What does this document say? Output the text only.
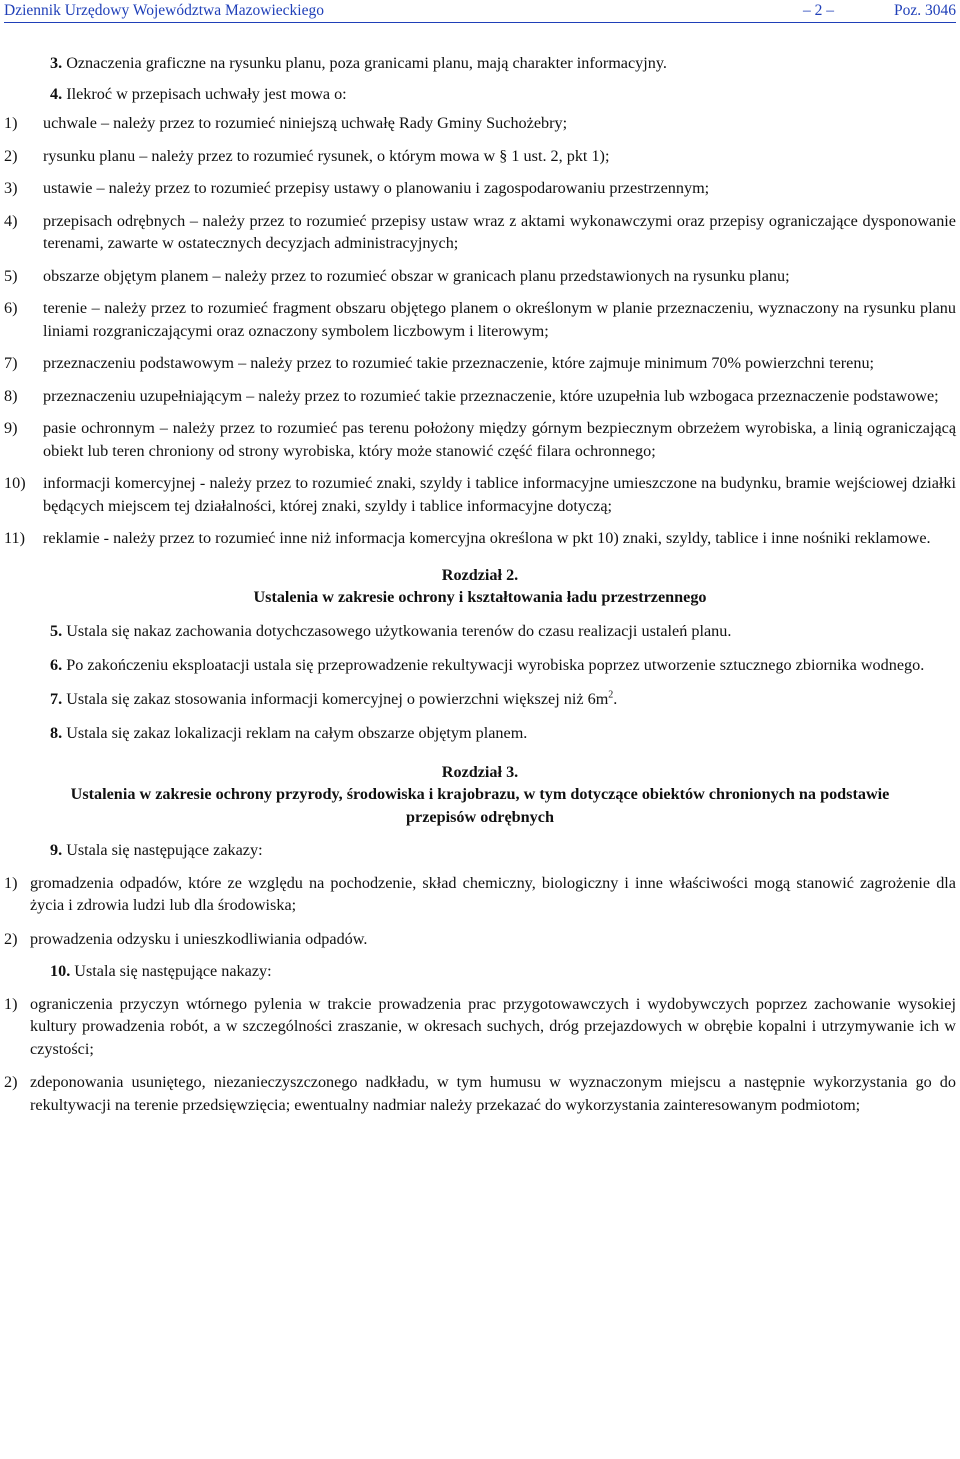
Dziennik Urzędowy Województwa Mazowieckiego	– 2 –	Poz. 3046

3. Oznaczenia graficzne na rysunku planu, poza granicami planu, mają charakter informacyjny.

4. Ilekroć w przepisach uchwały jest mowa o:

1)	uchwale – należy przez to rozumieć niniejszą uchwałę Rady Gminy Suchożebry;
2)	rysunku planu – należy przez to rozumieć rysunek, o którym mowa w § 1 ust. 2, pkt 1);
3)	ustawie – należy przez to rozumieć przepisy ustawy o planowaniu i zagospodarowaniu przestrzennym;
4)	przepisach odrębnych – należy przez to rozumieć przepisy ustaw wraz z aktami wykonawczymi oraz przepisy ograniczające dysponowanie terenami, zawarte w ostatecznych decyzjach administracyjnych;
5)	obszarze objętym planem – należy przez to rozumieć obszar w granicach planu przedstawionych na rysunku planu;
6)	terenie – należy przez to rozumieć fragment obszaru objętego planem o określonym w planie przeznaczeniu, wyznaczony na rysunku planu liniami rozgraniczającymi oraz oznaczony symbolem liczbowym i literowym;
7)	przeznaczeniu podstawowym – należy przez to rozumieć takie przeznaczenie, które zajmuje minimum 70% powierzchni terenu;
8)	przeznaczeniu uzupełniającym – należy przez to rozumieć takie przeznaczenie, które uzupełnia lub wzbogaca przeznaczenie podstawowe;
9)	pasie ochronnym – należy przez to rozumieć pas terenu położony między górnym bezpiecznym obrzeżem wyrobiska, a linią ograniczającą obiekt lub teren chroniony od strony wyrobiska, który może stanowić część filara ochronnego;
10)	informacji komercyjnej - należy przez to rozumieć znaki, szyldy i tablice informacyjne umieszczone na budynku, bramie wejściowej działki będących miejscem tej działalności, której znaki, szyldy i tablice informacyjne dotyczą;
11)	reklamie - należy przez to rozumieć inne niż informacja komercyjna określona w pkt 10) znaki, szyldy, tablice i inne nośniki reklamowe.
Rozdział 2.
Ustalenia w zakresie ochrony i kształtowania ładu przestrzennego

5. Ustala się nakaz zachowania dotychczasowego użytkowania terenów do czasu realizacji ustaleń planu.

6. Po zakończeniu eksploatacji ustala się przeprowadzenie rekultywacji wyrobiska poprzez utworzenie sztucznego zbiornika wodnego.

7. Ustala się zakaz stosowania informacji komercyjnej o powierzchni większej niż $6m^2$.

8. Ustala się zakaz lokalizacji reklam na całym obszarze objętym planem.

Rozdział 3.
Ustalenia w zakresie ochrony przyrody, środowiska i krajobrazu, w tym dotyczące obiektów chronionych na podstawie przepisów odrębnych

9. Ustala się następujące zakazy:

1) gromadzenia odpadów, które ze względu na pochodzenie, skład chemiczny, biologiczny i inne właściwości mogą stanowić zagrożenie dla życia i zdrowia ludzi lub dla środowiska;
2) prowadzenia odzysku i unieszkodliwiania odpadów.

10. Ustala się następujące nakazy:

1) ograniczenia przyczyn wtórnego pylenia w trakcie prowadzenia prac przygotowawczych i wydobywczych poprzez zachowanie wysokiej kultury prowadzenia robót, a w szczególności zraszanie, w okresach suchych, dróg przejazdowych w obrębie kopalni i utrzymywanie ich w czystości;
2) zdeponowania usuniętego, niezanieczyszczonego nadkładu, w tym humusu w wyznaczonym miejscu a następnie wykorzystania go do rekultywacji na terenie przedsięwzięcia; ewentualny nadmiar należy przekazać do wykorzystania zainteresowanym podmiotom;
